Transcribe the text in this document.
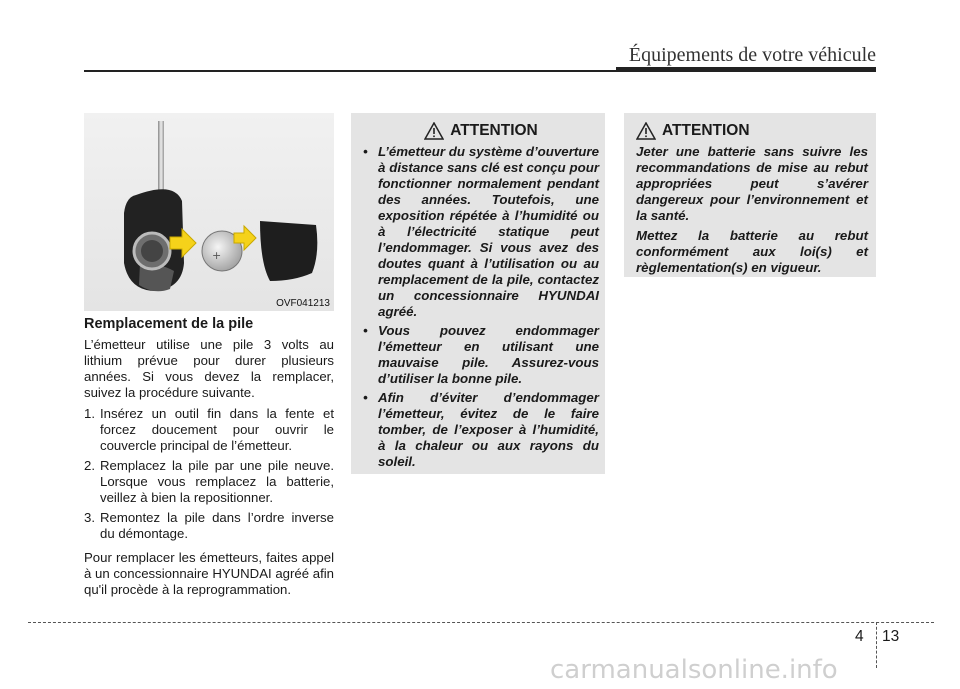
Équipements de votre véhicule
+
OVF041213
Remplacement de la pile

L’émetteur utilise une pile 3 volts au lithium prévue pour durer plusieurs années. Si vous devez la remplacer, suivez la procédure suivante.

1. Insérez un outil fin dans la fente et forcez doucement pour ouvrir le couvercle principal de l’émetteur.
2. Remplacez la pile par une pile neuve. Lorsque vous remplacez la batterie, veillez à bien la repositionner.
3. Remontez la pile dans l’ordre inverse du démontage.

Pour remplacer les émetteurs, faites appel à un concessionnaire HYUNDAI agréé afin qu'il procède à la reprogrammation.

ATTENTION
• L’émetteur du système d’ouverture à distance sans clé est conçu pour fonctionner normalement pendant des années. Toutefois, une exposition répétée à l’humidité ou à l’électricité statique peut l’endommager. Si vous avez des doutes quant à l’utilisation ou au remplacement de la pile, contactez un concessionnaire HYUNDAI agréé.
• Vous pouvez endommager l’émetteur en utilisant une mauvaise pile. Assurez-vous d’utiliser la bonne pile.
• Afin d’éviter d’endommager l’émetteur, évitez de le faire tomber, de l’exposer à l’humidité, à la chaleur ou aux rayons du soleil.
ATTENTION

Jeter une batterie sans suivre les recommandations de mise au rebut appropriées peut s’avérer dangereux pour l’environnement et la santé.

Mettez la batterie au rebut conformément aux loi(s) et règlementation(s) en vigueur.

4 13
carmanualsonline.info
